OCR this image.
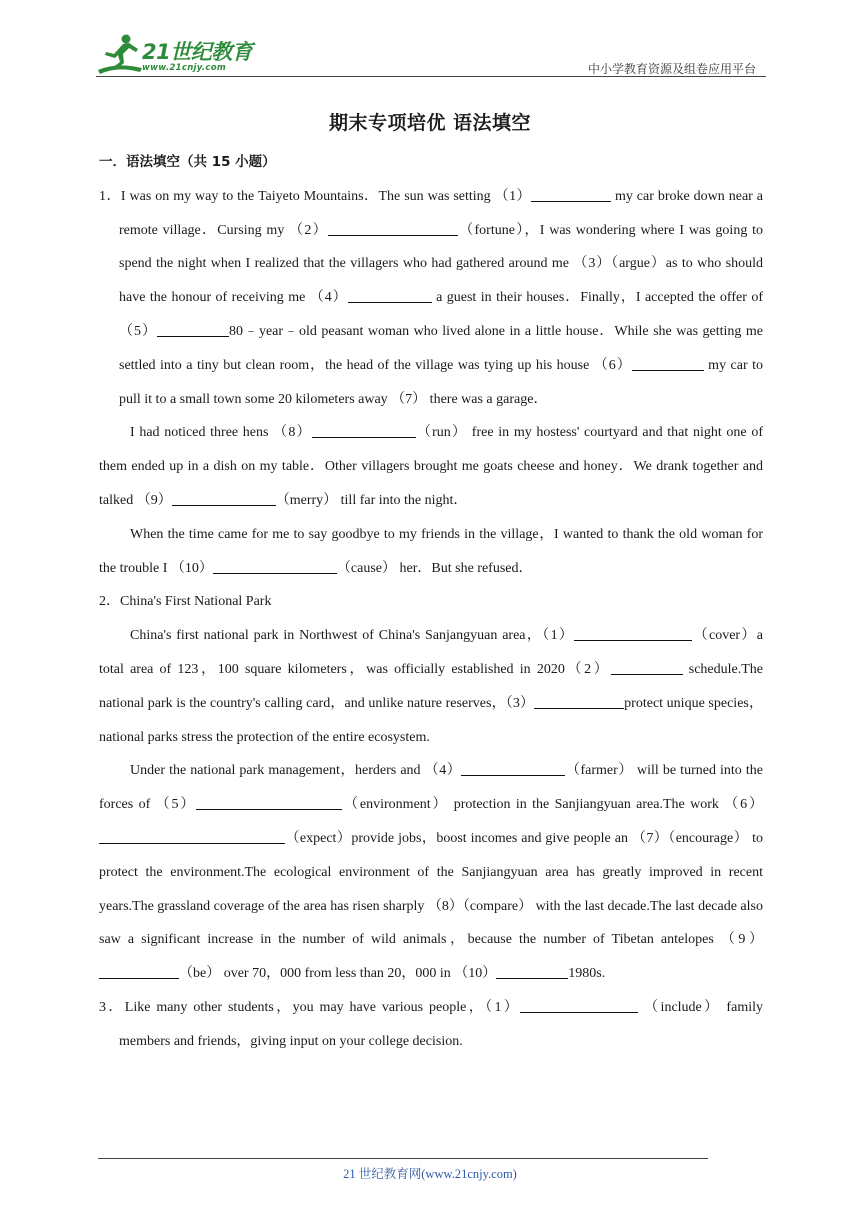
21世纪教育
www.21cnjy.com	中小学教育资源及组卷应用平台
期末专项培优 语法填空

一．语法填空（共 15 小题）

1．I was on my way to the Taiyeto Mountains．The sun was setting （1）	my car broke down near a remote village．Cursing my （2）	（fortune），I was wondering where I was going to spend the night when I realized that the villagers who had gathered around me （3）（argue）as to who should have the honour of receiving me （4）	a guest in their houses．Finally，I accepted the offer of （5）	80﹣year﹣old peasant woman who lived alone in a little house．While she was getting me settled into a tiny but clean room，the head of the village was tying up his house （6）	my car to pull it to a small town some 20 kilometers away （7） there was a garage．

I had noticed three hens （8）	（run） free in my hostess' courtyard and that night one of them ended up in a dish on my table．Other villagers brought me goats cheese and honey．We drank together and talked （9）	（merry） till far into the night．

When the time came for me to say goodbye to my friends in the village，I wanted to thank the old woman for the trouble I （10）	（cause） her．But she refused．

2．China's First National Park

China's first national park in Northwest of China's Sanjangyuan area，（1）	（cover）a total area of 123，100 square kilometers，was officially established in 2020（2）	schedule.The national park is the country's calling card，and unlike nature reserves，（3）	protect unique species，national parks stress the protection of the entire ecosystem.

Under the national park management，herders and （4）	（farmer） will be turned into the forces of （5）	（environment） protection in the Sanjiangyuan area.The work （6）（expect）provide jobs，boost incomes and give people an （7）（encourage） to protect the environment.The ecological environment of the Sanjiangyuan area has greatly improved in recent years.The grassland coverage of the area has risen sharply （8）（compare） with the last decade.The last decade also saw a significant increase in the number of wild animals，because the number of Tibetan antelopes （9）（be） over 70，000 from less than 20，000 in （10）	1980s.

3．Like many other students，you may have various people，（1）	（include） family members and friends，giving input on your college decision.

21 世纪教育网(www.21cnjy.com)
